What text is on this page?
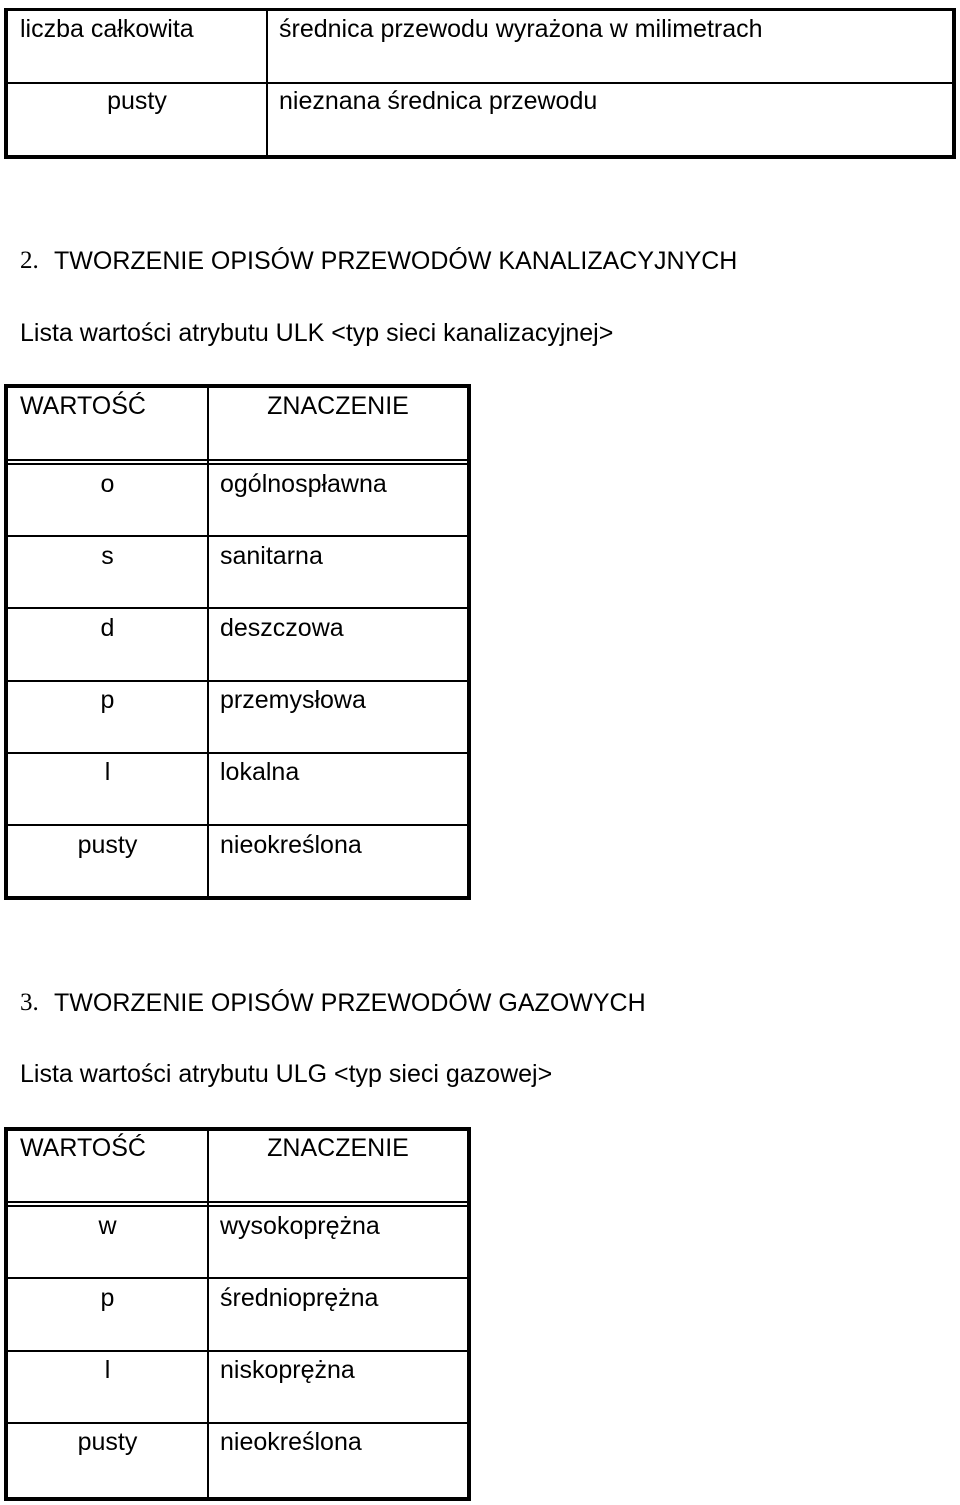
liczba całkowita	średnica przewodu wyrażona w milimetrach
pusty	nieznana średnica przewodu
2. TWORZENIE OPISÓW PRZEWODÓW KANALIZACYJNYCH
Lista wartości atrybutu ULK <typ sieci kanalizacyjnej>
WARTOŚĆ	ZNACZENIE
o	ogólnospławna
s	sanitarna
d	deszczowa
p	przemysłowa
l	lokalna
pusty	nieokreślona
3. TWORZENIE OPISÓW PRZEWODÓW GAZOWYCH
Lista wartości atrybutu ULG <typ sieci gazowej>
WARTOŚĆ	ZNACZENIE
w	wysokoprężna
p	średnioprężna
l	niskoprężna
pusty	nieokreślona
